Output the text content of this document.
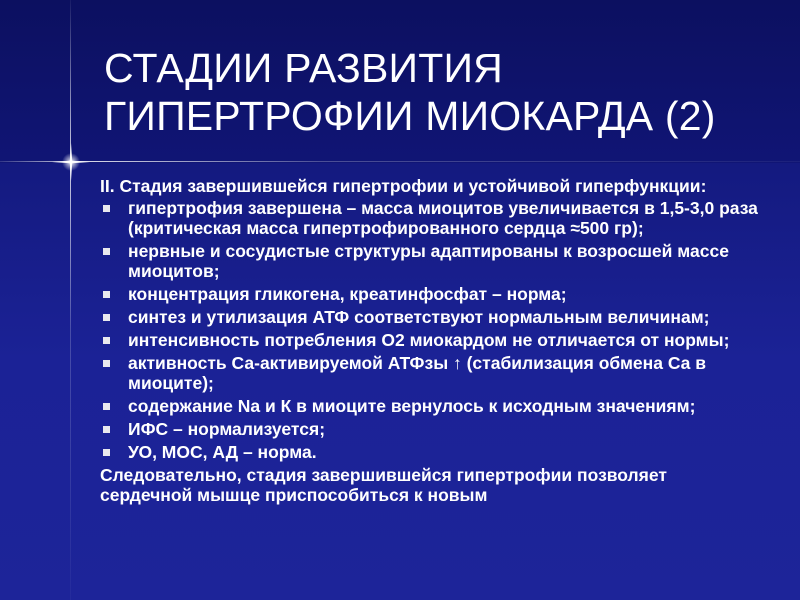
СТАДИИ РАЗВИТИЯ
ГИПЕРТРОФИИ МИОКАРДА (2)

II. Стадия завершившейся гипертрофии и устойчивой гиперфункции:

гипертрофия завершена – масса миоцитов увеличивается в 1,5-3,0 раза (критическая масса гипертрофированного сердца ≈500 гр);
нервные и сосудистые структуры адаптированы к возросшей массе миоцитов;
концентрация гликогена, креатинфосфат – норма;
синтез и утилизация АТФ соответствуют нормальным величинам;
интенсивность потребления О2 миокардом не отличается от нормы;
активность Са-активируемой АТФзы ↑ (стабилизация обмена Са в миоците);
содержание Na и К в миоците вернулось к исходным значениям;
ИФС – нормализуется;
УО, МОС, АД – норма.

Следовательно, стадия завершившейся гипертрофии позволяет сердечной мышце приспособиться к новым
